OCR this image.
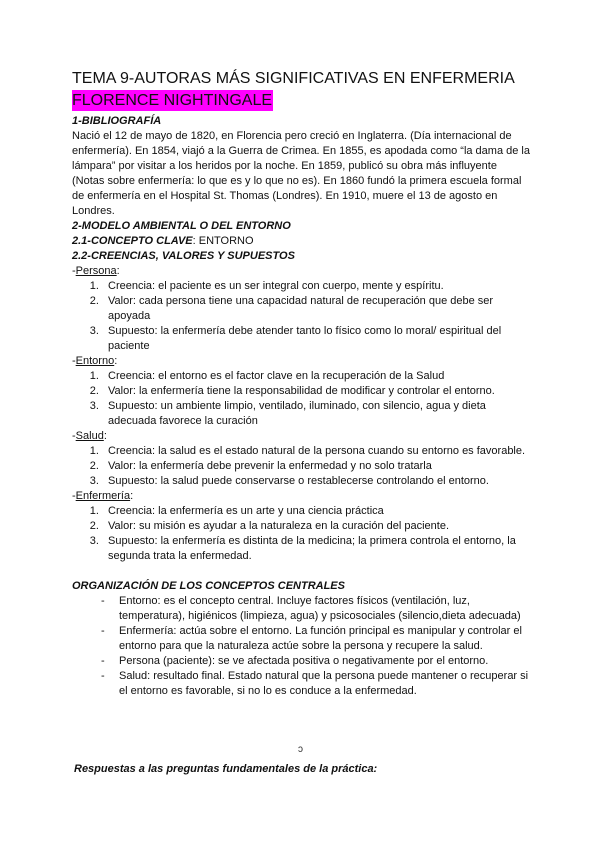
TEMA 9-AUTORAS MÁS SIGNIFICATIVAS EN ENFERMERIA
FLORENCE NIGHTINGALE
1-BIBLIOGRAFÍA
Nació el 12 de mayo de 1820, en Florencia pero creció en Inglaterra. (Día internacional de enfermería). En 1854, viajó a la Guerra de Crimea. En 1855, es apodada como “la dama de la lámpara” por visitar a los heridos por la noche. En 1859, publicó su obra más influyente (Notas sobre enfermería: lo que es y lo que no es). En 1860 fundó la primera escuela formal de enfermería en el Hospital St. Thomas (Londres). En 1910, muere el 13 de agosto en Londres.
2-MODELO AMBIENTAL O DEL ENTORNO
2.1-CONCEPTO CLAVE: ENTORNO
2.2-CREENCIAS, VALORES Y SUPUESTOS
-Persona:
1. Creencia: el paciente es un ser integral con cuerpo, mente y espíritu.
2. Valor: cada persona tiene una capacidad natural de recuperación que debe ser apoyada
3. Supuesto: la enfermería debe atender tanto lo físico como lo moral/ espiritual del paciente
-Entorno:
1. Creencia: el entorno es el factor clave en la recuperación de la Salud
2. Valor: la enfermería tiene la responsabilidad de modificar y controlar el entorno.
3. Supuesto: un ambiente limpio, ventilado, iluminado, con silencio, agua y dieta adecuada favorece la curación
-Salud:
1. Creencia: la salud es el estado natural de la persona cuando su entorno es favorable.
2. Valor: la enfermería debe prevenir la enfermedad y no solo tratarla
3. Supuesto: la salud puede conservarse o restablecerse controlando el entorno.
-Enfermería:
1. Creencia: la enfermería es un arte y una ciencia práctica
2. Valor: su misión es ayudar a la naturaleza en la curación del paciente.
3. Supuesto: la enfermería es distinta de la medicina; la primera controla el entorno, la segunda trata la enfermedad.
ORGANIZACIÓN DE LOS CONCEPTOS CENTRALES
- Entorno: es el concepto central. Incluye factores físicos (ventilación, luz, temperatura), higiénicos (limpieza, agua) y psicosociales (silencio,dieta adecuada)
- Enfermería: actúa sobre el entorno. La función principal es manipular y controlar el entorno para que la naturaleza actúe sobre la persona y recupere la salud.
- Persona (paciente): se ve afectada positiva o negativamente por el entorno.
- Salud: resultado final. Estado natural que la persona puede mantener o recuperar si el entorno es favorable, si no lo es conduce a la enfermedad.
ɔ
Respuestas a las preguntas fundamentales de la práctica:
